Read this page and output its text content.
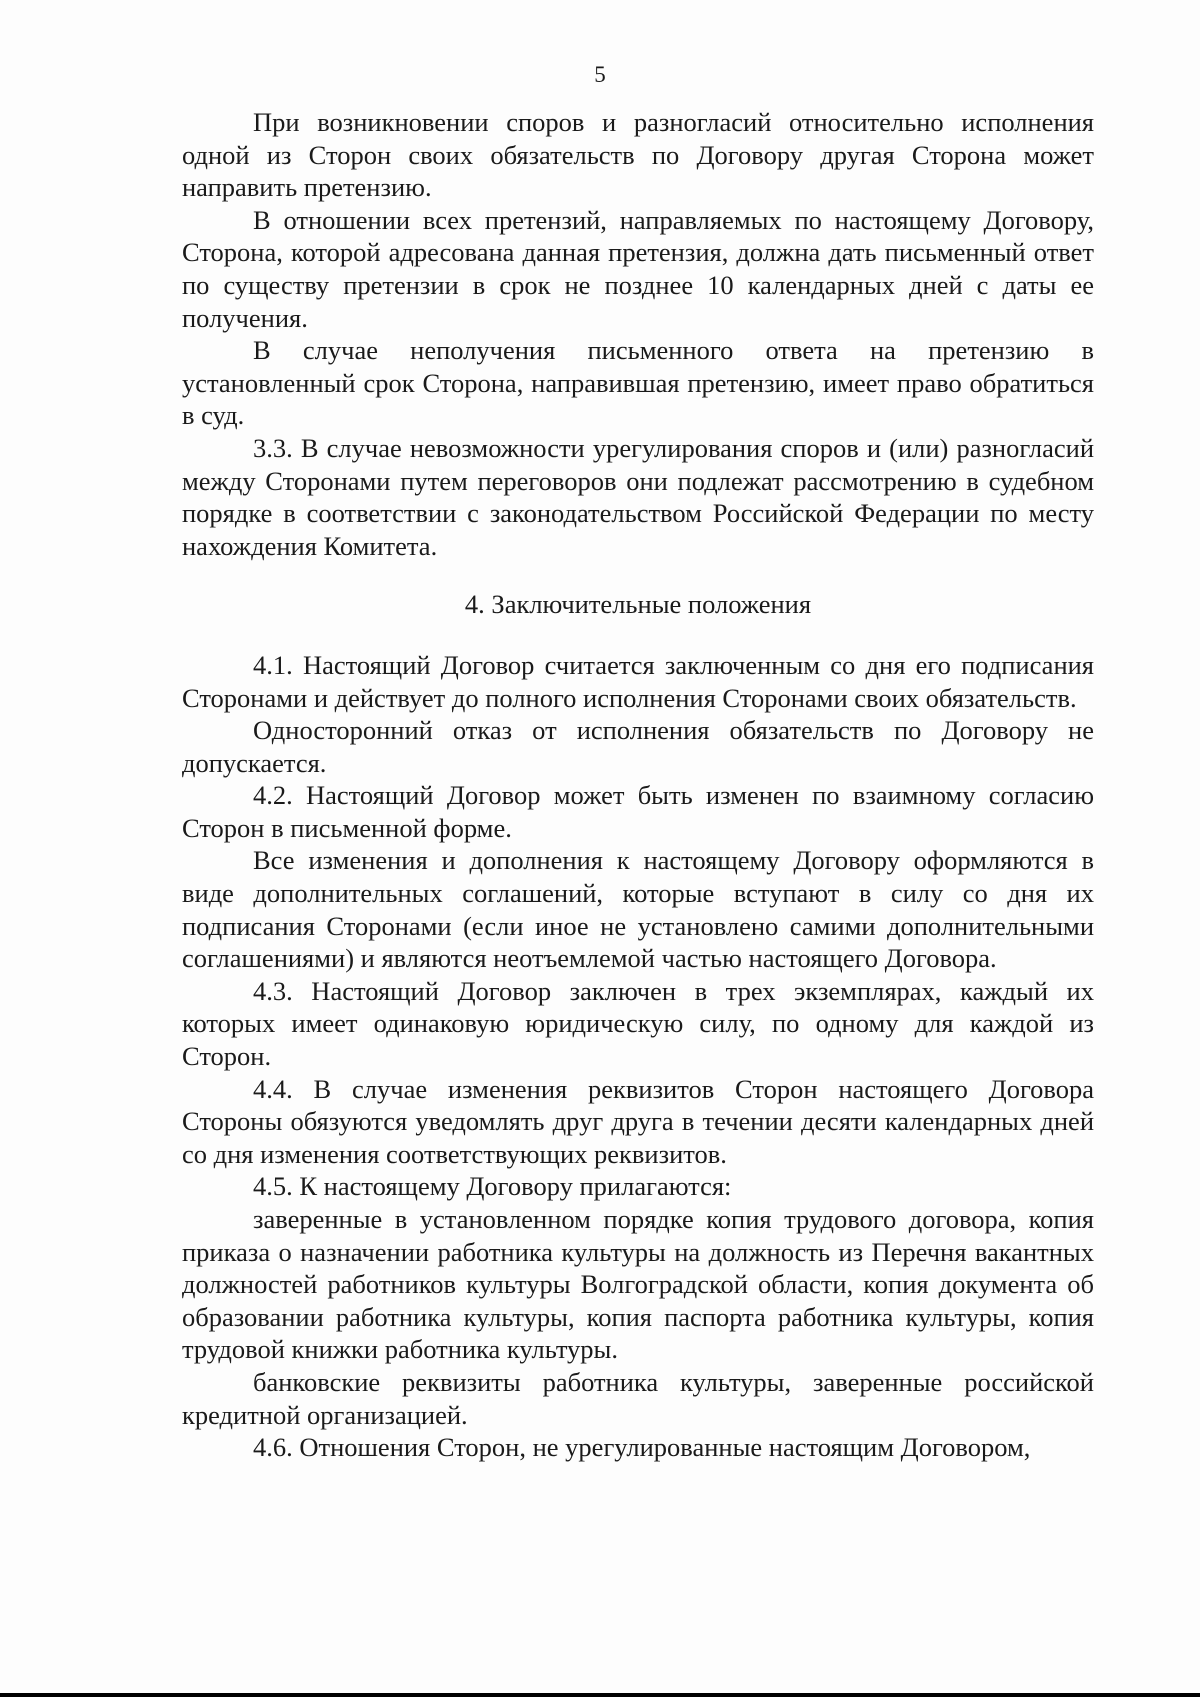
5

При возникновении споров и разногласий относительно исполнения одной из Сторон своих обязательств по Договору другая Сторона может направить претензию.

В отношении всех претензий, направляемых по настоящему Договору, Сторона, которой адресована данная претензия, должна дать письменный ответ по существу претензии в срок не позднее 10 календарных дней с даты ее получения.

В случае неполучения письменного ответа на претензию в установленный срок Сторона, направившая претензию, имеет право обратиться в суд.

3.3. В случае невозможности урегулирования споров и (или) разногласий между Сторонами путем переговоров они подлежат рассмотрению в судебном порядке в соответствии с законодательством Российской Федерации по месту нахождения Комитета.

4. Заключительные положения

4.1. Настоящий Договор считается заключенным со дня его подписания Сторонами и действует до полного исполнения Сторонами своих обязательств.

Односторонний отказ от исполнения обязательств по Договору не допускается.

4.2. Настоящий Договор может быть изменен по взаимному согласию Сторон в письменной форме.

Все изменения и дополнения к настоящему Договору оформляются в виде дополнительных соглашений, которые вступают в силу со дня их подписания Сторонами (если иное не установлено самими дополнительными соглашениями) и являются неотъемлемой частью настоящего Договора.

4.3. Настоящий Договор заключен в трех экземплярах, каждый их которых имеет одинаковую юридическую силу, по одному для каждой из Сторон.

4.4. В случае изменения реквизитов Сторон настоящего Договора Стороны обязуются уведомлять друг друга в течении десяти календарных дней со дня изменения соответствующих реквизитов.

4.5. К настоящему Договору прилагаются:

заверенные в установленном порядке копия трудового договора, копия приказа о назначении работника культуры на должность из Перечня вакантных должностей работников культуры Волгоградской области, копия документа об образовании работника культуры, копия паспорта работника культуры, копия трудовой книжки работника культуры.

банковские реквизиты работника культуры, заверенные российской кредитной организацией.

4.6. Отношения Сторон, не урегулированные настоящим Договором,
